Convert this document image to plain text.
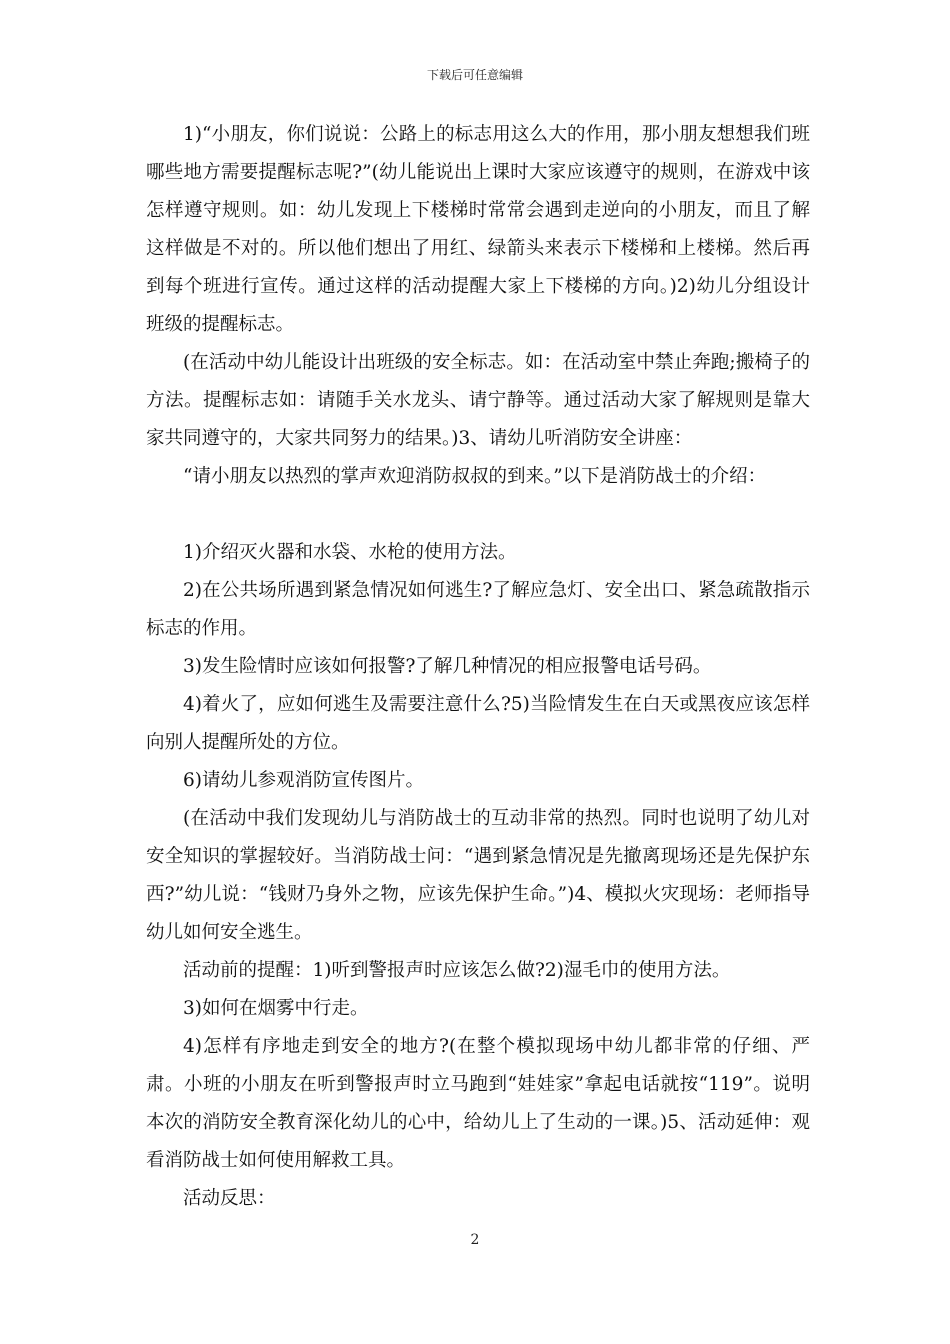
下载后可任意编辑

1)“小朋友，你们说说：公路上的标志用这么大的作用，那小朋友想想我们班哪些地方需要提醒标志呢?”(幼儿能说出上课时大家应该遵守的规则，在游戏中该怎样遵守规则。如：幼儿发现上下楼梯时常常会遇到走逆向的小朋友，而且了解这样做是不对的。所以他们想出了用红、绿箭头来表示下楼梯和上楼梯。然后再到每个班进行宣传。通过这样的活动提醒大家上下楼梯的方向。)2)幼儿分组设计班级的提醒标志。

(在活动中幼儿能设计出班级的安全标志。如：在活动室中禁止奔跑;搬椅子的方法。提醒标志如：请随手关水龙头、请宁静等。通过活动大家了解规则是靠大家共同遵守的，大家共同努力的结果。)3、请幼儿听消防安全讲座：

“请小朋友以热烈的掌声欢迎消防叔叔的到来。”以下是消防战士的介绍：

1)介绍灭火器和水袋、水枪的使用方法。

2)在公共场所遇到紧急情况如何逃生?了解应急灯、安全出口、紧急疏散指示标志的作用。

3)发生险情时应该如何报警?了解几种情况的相应报警电话号码。

4)着火了，应如何逃生及需要注意什么?5)当险情发生在白天或黑夜应该怎样向别人提醒所处的方位。

6)请幼儿参观消防宣传图片。

(在活动中我们发现幼儿与消防战士的互动非常的热烈。同时也说明了幼儿对安全知识的掌握较好。当消防战士问：“遇到紧急情况是先撤离现场还是先保护东西?”幼儿说：“钱财乃身外之物，应该先保护生命。”)4、模拟火灾现场：老师指导幼儿如何安全逃生。

活动前的提醒：1)听到警报声时应该怎么做?2)湿毛巾的使用方法。

3)如何在烟雾中行走。

4)怎样有序地走到安全的地方?(在整个模拟现场中幼儿都非常的仔细、严肃。小班的小朋友在听到警报声时立马跑到“娃娃家”拿起电话就按“119”。说明本次的消防安全教育深化幼儿的心中，给幼儿上了生动的一课。)5、活动延伸：观看消防战士如何使用解救工具。

活动反思：

2
